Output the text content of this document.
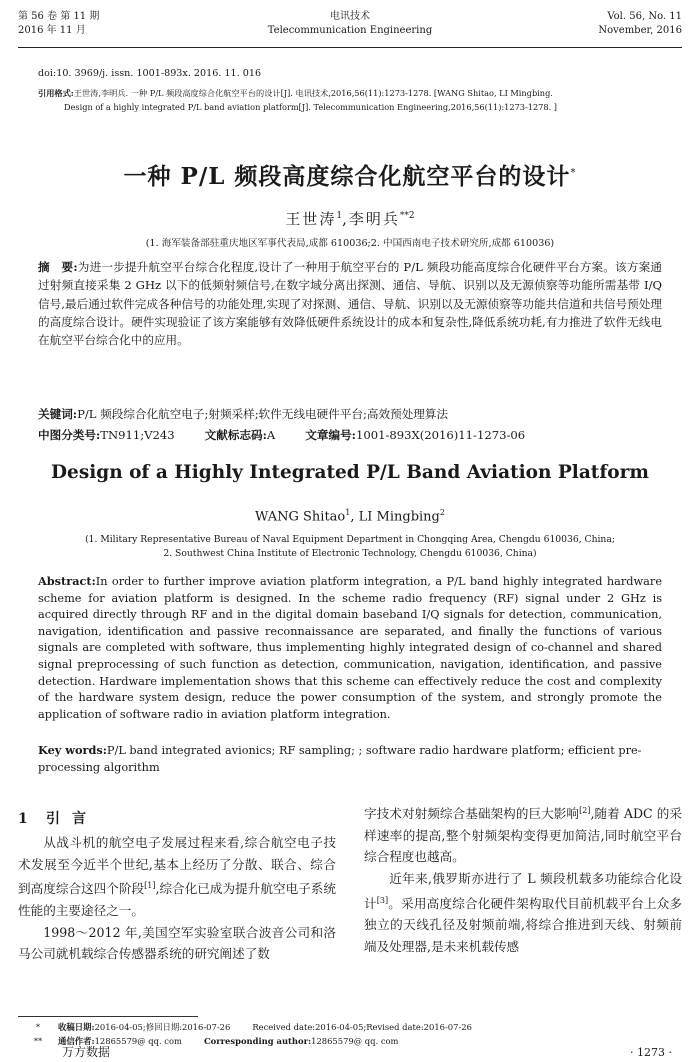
第 56 卷 第 11 期
2016 年 11 月
电讯技术
Telecommunication Engineering
Vol. 56, No. 11
November, 2016
doi:10. 3969/j. issn. 1001-893x. 2016. 11. 016
引用格式:王世涛,李明兵. 一种 P/L 频段高度综合化航空平台的设计[J]. 电讯技术,2016,56(11):1273-1278. [WANG Shitao, LI Mingbing.
Design of a highly integrated P/L band aviation platform[J]. Telecommunication Engineering,2016,56(11):1273-1278. ]
一种 P/L 频段高度综合化航空平台的设计*
王世涛$^1$,李明兵$^{**2}$
(1. 海军装备部驻重庆地区军事代表局,成都 610036;2. 中国西南电子技术研究所,成都 610036)
摘　要:为进一步提升航空平台综合化程度,设计了一种用于航空平台的 P/L 频段功能高度综合化硬件平台方案。该方案通过射频直接采集 2 GHz 以下的低频射频信号,在数字域分离出探测、通信、导航、识别以及无源侦察等功能所需基带 I/Q 信号,最后通过软件完成各种信号的功能处理,实现了对探测、通信、导航、识别以及无源侦察等功能共信道和共信号预处理的高度综合设计。硬件实现验证了该方案能够有效降低硬件系统设计的成本和复杂性,降低系统功耗,有力推进了软件无线电在航空平台综合化中的应用。
关键词:P/L 频段综合化航空电子;射频采样;软件无线电硬件平台;高效预处理算法
中图分类号:TN911;V243	文献标志码:A	文章编号:1001-893X(2016)11-1273-06
Design of a Highly Integrated P/L Band Aviation Platform
WANG Shitao$^1$, LI Mingbing$^2$
(1. Military Representative Bureau of Naval Equipment Department in Chongqing Area, Chengdu 610036, China;
2. Southwest China Institute of Electronic Technology, Chengdu 610036, China)
Abstract:In order to further improve aviation platform integration, a P/L band highly integrated hardware scheme for aviation platform is designed. In the scheme radio frequency (RF) signal under 2 GHz is acquired directly through RF and in the digital domain baseband I/Q signals for detection, communication, navigation, identification and passive reconnaissance are separated, and finally the functions of various signals are completed with software, thus implementing highly integrated design of co-channel and shared signal preprocessing of such function as detection, communication, navigation, identification, and passive detection. Hardware implementation shows that this scheme can effectively reduce the cost and complexity of the hardware system design, reduce the power consumption of the system, and strongly promote the application of software radio in aviation platform integration.
Key words:P/L band integrated avionics; RF sampling; ; software radio hardware platform; efficient pre-processing algorithm
1 引言

从战斗机的航空电子发展过程来看,综合航空电子技术发展至今近半个世纪,基本上经历了分散、联合、综合到高度综合这四个阶段[1],综合化已成为提升航空电子系统性能的主要途径之一。

1998～2012 年,美国空军实验室联合波音公司和洛马公司就机载综合传感器系统的研究阐述了数

字技术对射频综合基础架构的巨大影响[2],随着 ADC 的采样速率的提高,整个射频架构变得更加简洁,同时航空平台综合程度也越高。

近年来,俄罗斯亦进行了 L 频段机载多功能综合化设计[3]。采用高度综合化硬件架构取代目前机载平台上众多独立的天线孔径及射频前端,将综合推进到天线、射频前端及处理器,是未来机载传感

* 收稿日期:2016-04-05;修回日期:2016-07-26	Received date:2016-04-05;Revised date:2016-07-26
** 通信作者:12865579@ qq. com	Corresponding author:12865579@ qq. com
万方数据	· 1273 ·
